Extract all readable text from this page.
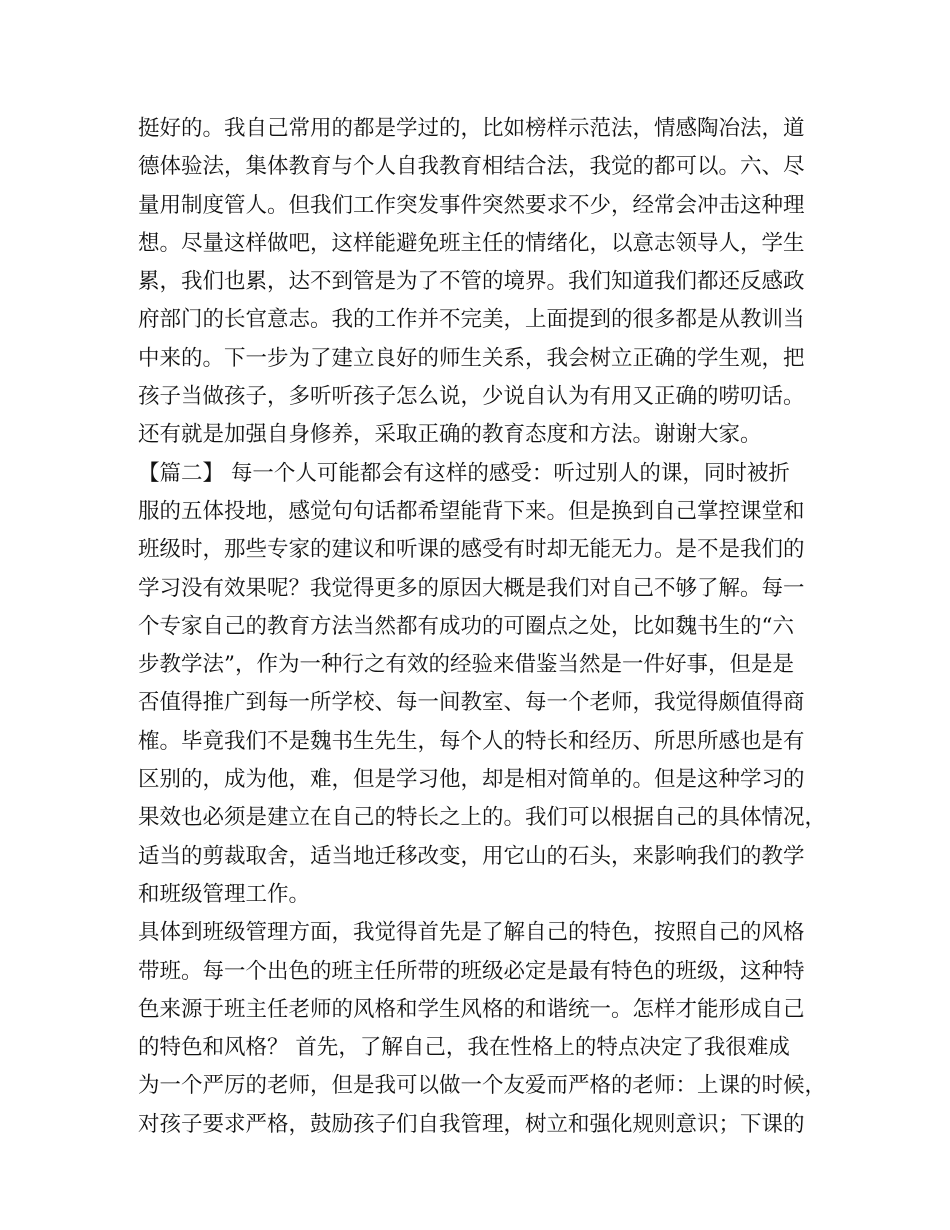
挺好的。我自己常用的都是学过的，比如榜样示范法，情感陶冶法，道
德体验法，集体教育与个人自我教育相结合法，我觉的都可以。六、尽
量用制度管人。但我们工作突发事件突然要求不少，经常会冲击这种理
想。尽量这样做吧，这样能避免班主任的情绪化，以意志领导人，学生
累，我们也累，达不到管是为了不管的境界。我们知道我们都还反感政
府部门的长官意志。我的工作并不完美，上面提到的很多都是从教训当
中来的。下一步为了建立良好的师生关系，我会树立正确的学生观，把
孩子当做孩子，多听听孩子怎么说，少说自认为有用又正确的唠叨话。
还有就是加强自身修养，采取正确的教育态度和方法。谢谢大家。
【篇二】 每一个人可能都会有这样的感受：听过别人的课，同时被折
服的五体投地，感觉句句话都希望能背下来。但是换到自己掌控课堂和
班级时，那些专家的建议和听课的感受有时却无能无力。是不是我们的
学习没有效果呢？我觉得更多的原因大概是我们对自己不够了解。每一
个专家自己的教育方法当然都有成功的可圈点之处，比如魏书生的“六
步教学法”，作为一种行之有效的经验来借鉴当然是一件好事，但是是
否值得推广到每一所学校、每一间教室、每一个老师，我觉得颇值得商
榷。毕竟我们不是魏书生先生，每个人的特长和经历、所思所感也是有
区别的，成为他，难，但是学习他，却是相对简单的。但是这种学习的
果效也必须是建立在自己的特长之上的。我们可以根据自己的具体情况，
适当的剪裁取舍，适当地迁移改变，用它山的石头，来影响我们的教学
和班级管理工作。
具体到班级管理方面，我觉得首先是了解自己的特色，按照自己的风格
带班。每一个出色的班主任所带的班级必定是最有特色的班级，这种特
色来源于班主任老师的风格和学生风格的和谐统一。怎样才能形成自己
的特色和风格？ 首先，了解自己，我在性格上的特点决定了我很难成
为一个严厉的老师，但是我可以做一个友爱而严格的老师：上课的时候，
对孩子要求严格，鼓励孩子们自我管理，树立和强化规则意识；下课的
